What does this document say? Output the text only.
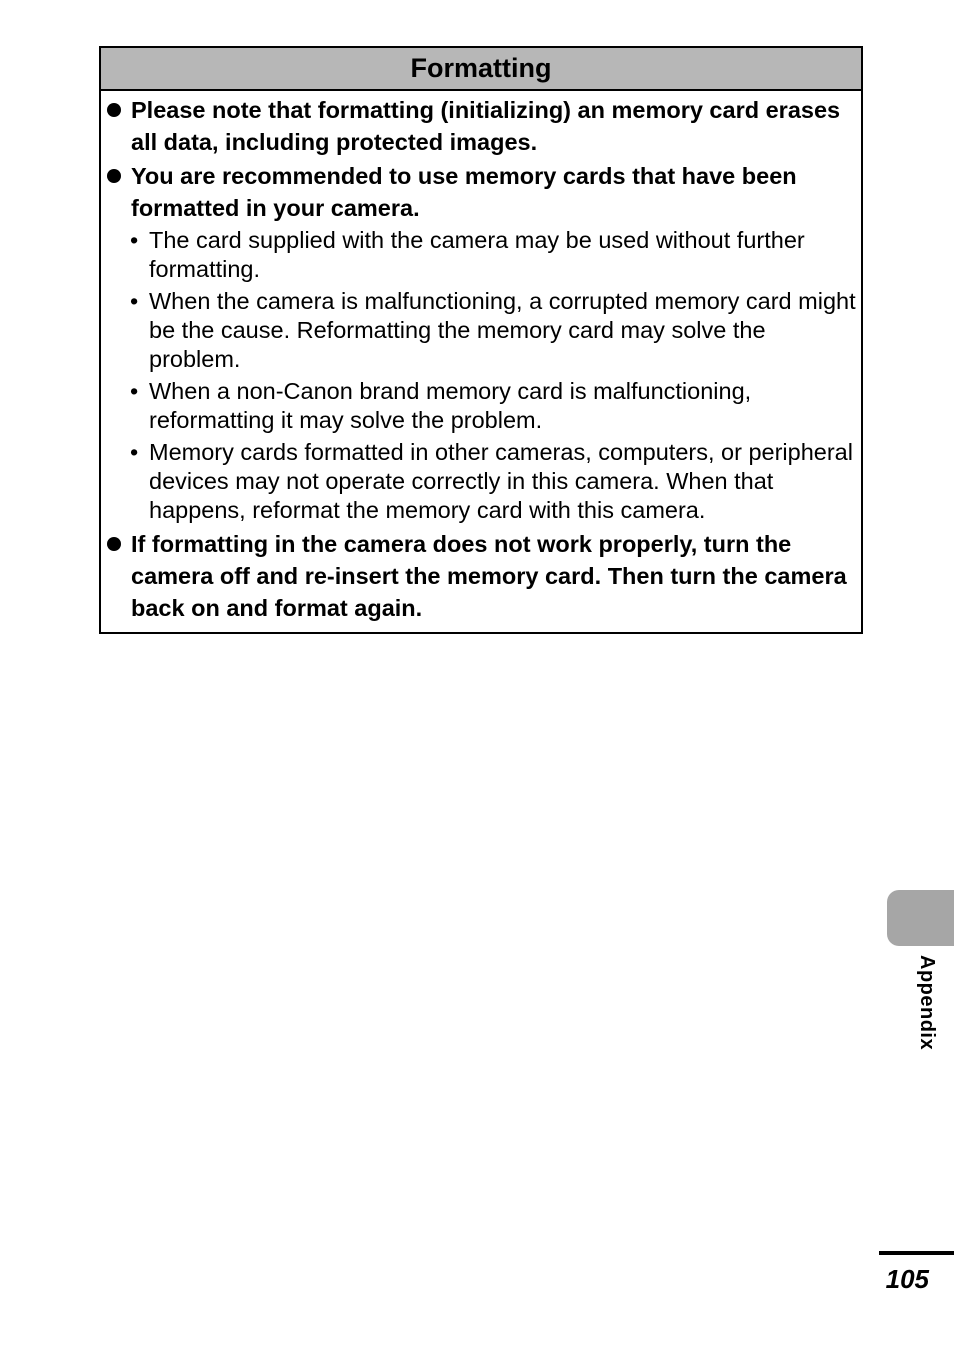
Formatting
Please note that formatting (initializing) an memory card erases all data, including protected images.
You are recommended to use memory cards that have been formatted in your camera.
• The card supplied with the camera may be used without further formatting.
• When the camera is malfunctioning, a corrupted memory card might be the cause. Reformatting the memory card may solve the problem.
• When a non-Canon brand memory card is malfunctioning, reformatting it may solve the problem.
• Memory cards formatted in other cameras, computers, or peripheral devices may not operate correctly in this camera. When that happens, reformat the memory card with this camera.
If formatting in the camera does not work properly, turn the camera off and re-insert the memory card. Then turn the camera back on and format again.
Appendix
105
